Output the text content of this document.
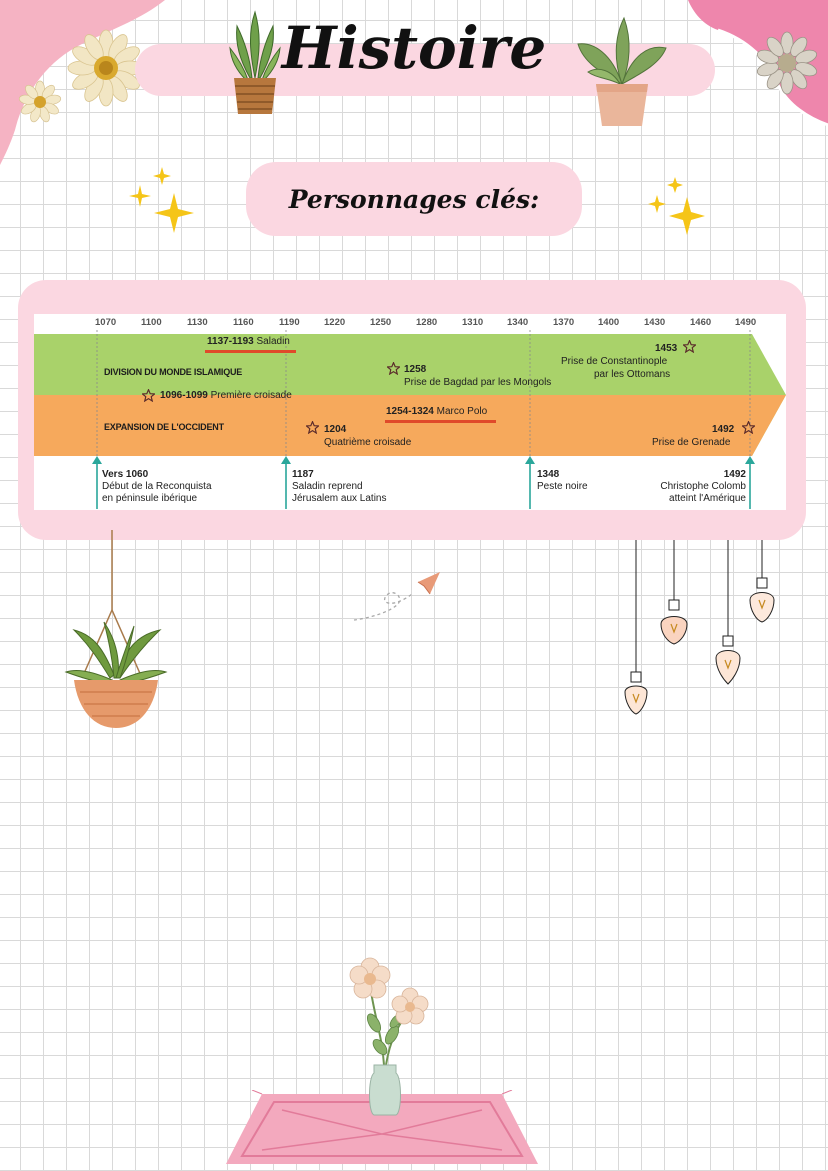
Histoire
Personnages clés:
1070	1100	1130	1160	1190	1220	1250	1280	1310	1340	1370	1400	1430	1460	1490
DIVISION DU MONDE ISLAMIQUE
EXPANSION DE L'OCCIDENT
1137-1193 Saladin
1254-1324 Marco Polo
1096-1099 Première croisade
1258
Prise de Bagdad par les Mongols
1453
Prise de Constantinople
par les Ottomans
1204
Quatrième croisade
1492
Prise de Grenade
Vers 1060
Début de la Reconquista
en péninsule ibérique
1187
Saladin reprend
Jérusalem aux Latins
1348
Peste noire
1492
Christophe Colomb
atteint l'Amérique
